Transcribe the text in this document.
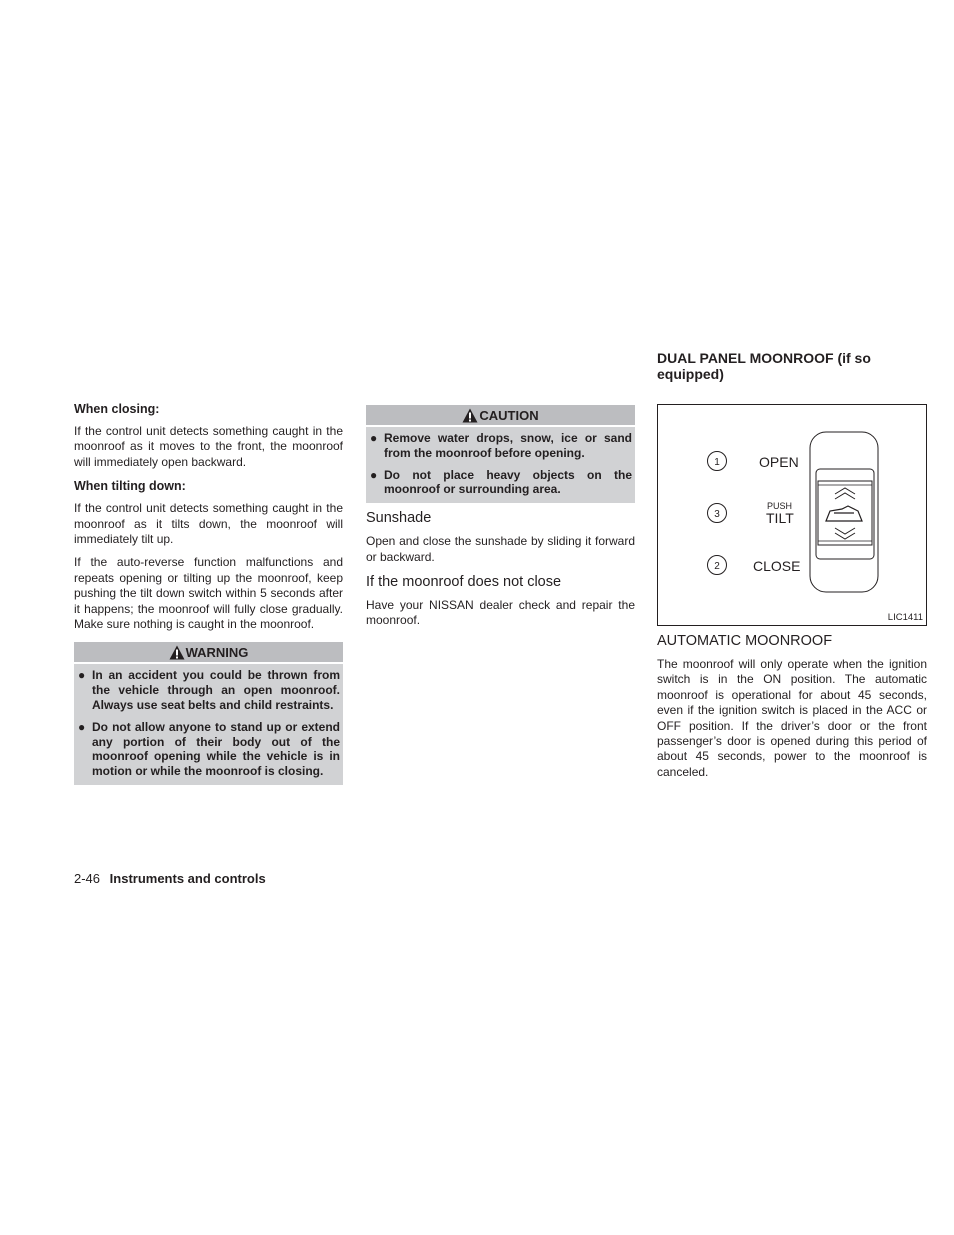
When closing:

If the control unit detects something caught in the moonroof as it moves to the front, the moonroof will immediately open backward.

When tilting down:

If the control unit detects something caught in the moonroof as it tilts down, the moonroof will immediately tilt up.

If the auto-reverse function malfunctions and repeats opening or tilting up the moonroof, keep pushing the tilt down switch within 5 seconds after it happens; the moonroof will fully close gradually. Make sure nothing is caught in the moonroof.

WARNING
● In an accident you could be thrown from the vehicle through an open moonroof. Always use seat belts and child restraints.
● Do not allow anyone to stand up or extend any portion of their body out of the moonroof opening while the vehicle is in motion or while the moonroof is closing.
CAUTION
● Remove water drops, snow, ice or sand from the moonroof before opening.
● Do not place heavy objects on the moonroof or surrounding area.
Sunshade

Open and close the sunshade by sliding it forward or backward.

If the moonroof does not close

Have your NISSAN dealer check and repair the moonroof.

DUAL PANEL MOONROOF (if so equipped)
1
3
2
OPEN
PUSH
TILT
CLOSE
LIC1411
AUTOMATIC MOONROOF

The moonroof will only operate when the ignition switch is in the ON position. The automatic moonroof is operational for about 45 seconds, even if the ignition switch is placed in the ACC or OFF position. If the driver’s door or the front passenger’s door is opened during this period of about 45 seconds, power to the moonroof is canceled.

2-46 Instruments and controls
